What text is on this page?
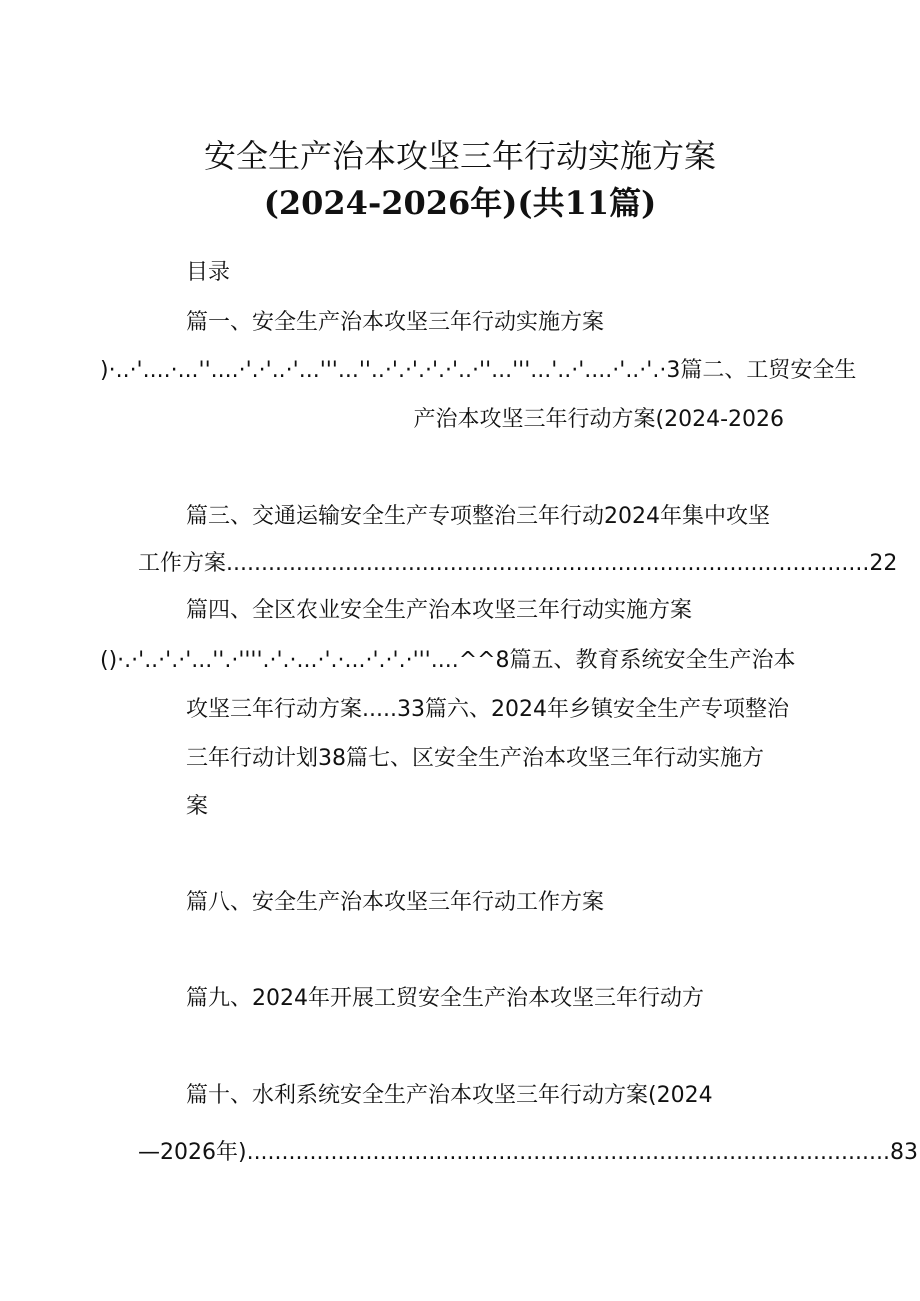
安全生产治本攻坚三年行动实施方案
(2024-2026年)(共11篇)
目录
篇一、安全生产治本攻坚三年行动实施方案
)·..·'....·...''....·'.·'..·'...'''...''..·'.·'.·'.·'..·''...'''...'..·'....·'..·'.·3篇二、工贸安全生
产治本攻坚三年行动方案(2024-2026
篇三、交通运输安全生产专项整治三年行动2024年集中攻坚
工作方案............................................................................................22
篇四、全区农业安全生产治本攻坚三年行动实施方案
()·.·'..·'.·'...''.·''''.·'.·...·'.·...·'.·'.·'''....^^8篇五、教育系统安全生产治本
攻坚三年行动方案.....33篇六、2024年乡镇安全生产专项整治
三年行动计划38篇七、区安全生产治本攻坚三年行动实施方
案
篇八、安全生产治本攻坚三年行动工作方案
篇九、2024年开展工贸安全生产治本攻坚三年行动方
篇十、水利系统安全生产治本攻坚三年行动方案(2024
—2026年)............................................................................................83
